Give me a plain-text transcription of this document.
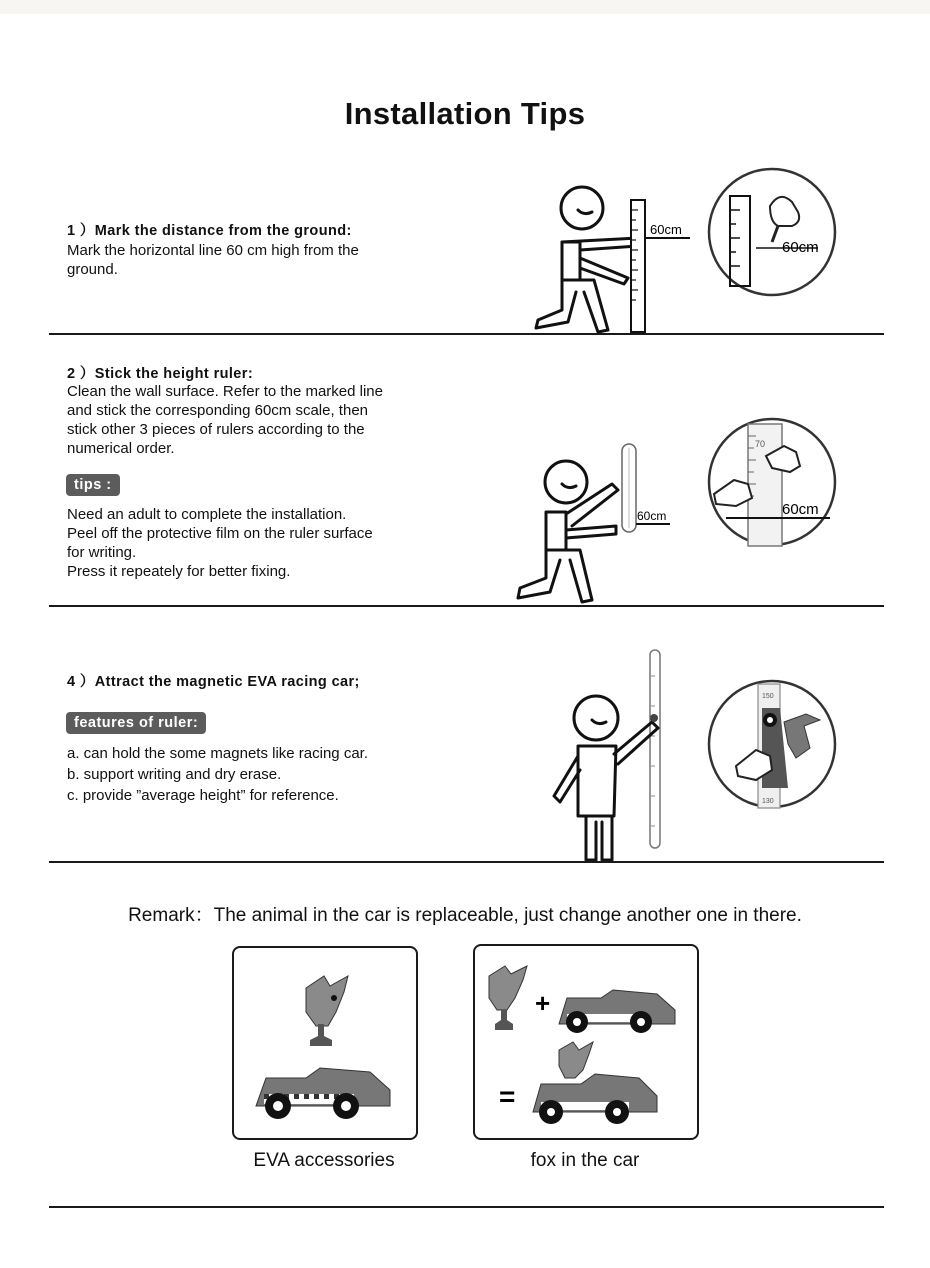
Installation Tips
1 ）Mark the distance from the ground:
Mark the horizontal line 60 cm high from the
ground.
60cm
60cm
2 ）Stick the height ruler:
Clean the wall surface. Refer to the marked line
and stick the corresponding 60cm scale, then
stick other 3 pieces of rulers according to the
numerical order.
tips :
Need an adult to complete the installation.
Peel off the protective film on the ruler surface
for writing.
Press it repeately for better fixing.
60cm
70
60cm
4 ）Attract the magnetic EVA racing car;
features of ruler:
a. can hold the some magnets like racing car.
b. support writing and dry erase.
c. provide ”average height” for reference.
150
130
Remark：The animal in the car is replaceable, just change another one in there.
EVA accessories
+
=
fox in the car
